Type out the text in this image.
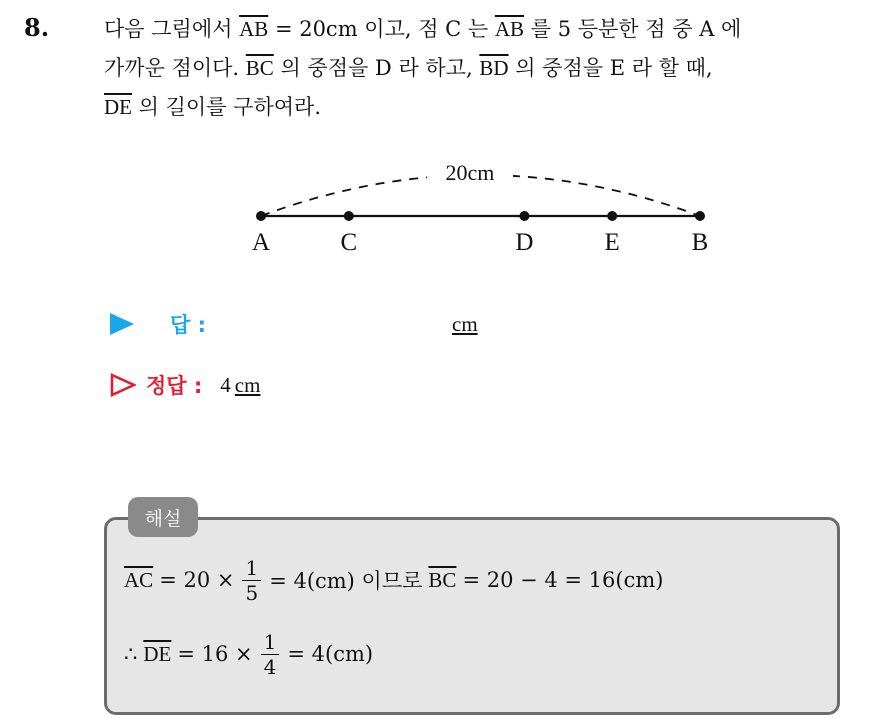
8.	다음 그림에서 $\overline{AB} = 20cm$ 이고, 점 C 는 $\overline{AB}$ 를 5 등분한 점 중 A 에
가까운 점이다. $\overline{BC}$ 의 중점을 D 라 하고, $\overline{BD}$ 의 중점을 E 라 할 때,
$\overline{DE}$ 의 길이를 구하여라.
20cm
A	C	D	E	B
답 :	cm
정답 : 4 cm
해설
$\overline{AC} = 20 \times \frac{1}{5} = 4(cm)$ 이므로 $\overline{BC} = 20 - 4 = 16(cm)$
∴ $\overline{DE} = 16 \times \frac{1}{4} = 4(cm)$
